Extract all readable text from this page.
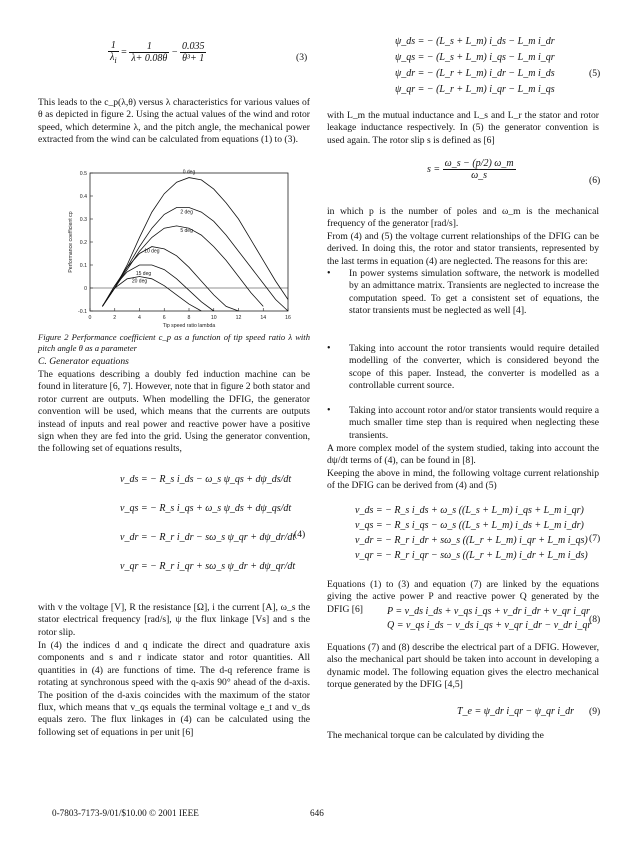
$\frac{1}{\lambda_i} = \frac{1}{\lambda+ 0.08\theta} - \frac{0.035}{\text{θ³+ 1}}$	(3)

This leads to the c_p(λ,θ) versus λ characteristics for various values of θ as depicted in figure 2. Using the actual values of the wind and rotor speed, which determine λ, and the pitch angle, the mechanical power extracted from the wind can be calculated from equations (1) to (3).

0	2	4	6	8	10	12	14	16
-0.1
0
0.1
0.2
0.3
0.4
0.5
Tip speed ratio lambda
Performance coefficient cp
0 deg
2 deg
5 deg
10 deg
15 deg
20 deg

Figure 2 Performance coefficient c_p as a function of tip speed ratio λ with pitch angle θ as a parameter

C. Generator equations

The equations describing a doubly fed induction machine can be found in literature [6, 7]. However, note that in figure 2 both stator and rotor current are outputs. When modelling the DFIG, the generator convention will be used, which means that the currents are outputs instead of inputs and real power and reactive power have a positive sign when they are fed into the grid. Using the generator convention, the following set of equations results,

v_ds = − R_s i_ds − ω_s ψ_qs + dψ_ds/dt
v_qs = − R_s i_qs + ω_s ψ_ds + dψ_qs/dt
v_dr = − R_r i_dr − sω_s ψ_qr + dψ_dr/dt
v_qr = − R_r i_qr + sω_s ψ_dr + dψ_qr/dt
(4)

with v the voltage [V], R the resistance [Ω], i the current [A], ω_s the stator electrical frequency [rad/s], ψ the flux linkage [Vs] and s the rotor slip.

In (4) the indices d and q indicate the direct and quadrature axis components and s and r indicate stator and rotor quantities. All quantities in (4) are functions of time. The d-q reference frame is rotating at synchronous speed with the q-axis 90° ahead of the d-axis. The position of the d-axis coincides with the maximum of the stator flux, which means that v_qs equals the terminal voltage e_t and v_ds equals zero. The flux linkages in (4) can be calculated using the following set of equations in per unit [6]

ψ_ds = − (L_s + L_m) i_ds − L_m i_dr
ψ_qs = − (L_s + L_m) i_qs − L_m i_qr
ψ_dr = − (L_r + L_m) i_dr − L_m i_ds
ψ_qr = − (L_r + L_m) i_qr − L_m i_qs
(5)

with L_m the mutual inductance and L_s and L_r the stator and rotor leakage inductance respectively. In (5) the generator convention is used again. The rotor slip s is defined as [6]

$s = \frac{\omega\_s - (p/2) \omega\_m}{\omega\_s}$	(6)

in which p is the number of poles and ω_m is the mechanical frequency of the generator [rad/s].

From (4) and (5) the voltage current relationships of the DFIG can be derived. In doing this, the rotor and stator transients, represented by the last terms in equation (4) are neglected. The reasons for this are:

• In power systems simulation software, the network is modelled by an admittance matrix. Transients are neglected to increase the computation speed. To get a consistent set of equations, the stator transients must be neglected as well [4].

• Taking into account the rotor transients would require detailed modelling of the converter, which is considered beyond the scope of this paper. Instead, the converter is modelled as a controllable current source.

• Taking into account rotor and/or stator transients would require a much smaller time step than is required when neglecting these transients.

A more complex model of the system studied, taking into account the dψ/dt terms of (4), can be found in [8].

Keeping the above in mind, the following voltage current relationship of the DFIG can be derived from (4) and (5)

v_ds = − R_s i_ds + ω_s ((L_s + L_m) i_qs + L_m i_qr)
v_qs = − R_s i_qs − ω_s ((L_s + L_m) i_ds + L_m i_dr)
v_dr = − R_r i_dr + sω_s ((L_r + L_m) i_qr + L_m i_qs)
v_qr = − R_r i_qr − sω_s ((L_r + L_m) i_dr + L_m i_ds)
(7)

Equations (1) to (3) and equation (7) are linked by the equations giving the active power P and reactive power Q generated by the DFIG [6]	P = v_ds i_ds + v_qs i_qs + v_dr i_dr + v_qr i_qr
Q = v_qs i_ds − v_ds i_qs + v_qr i_dr − v_dr i_qr
(8)

Equations (7) and (8) describe the electrical part of a DFIG. However, also the mechanical part should be taken into account in developing a dynamic model. The following equation gives the electro mechanical torque generated by the DFIG [4,5]

T_e = ψ_dr i_qr − ψ_qr i_dr (9)

The mechanical torque can be calculated by dividing the

0-7803-7173-9/01/$10.00 © 2001 IEEE	646
